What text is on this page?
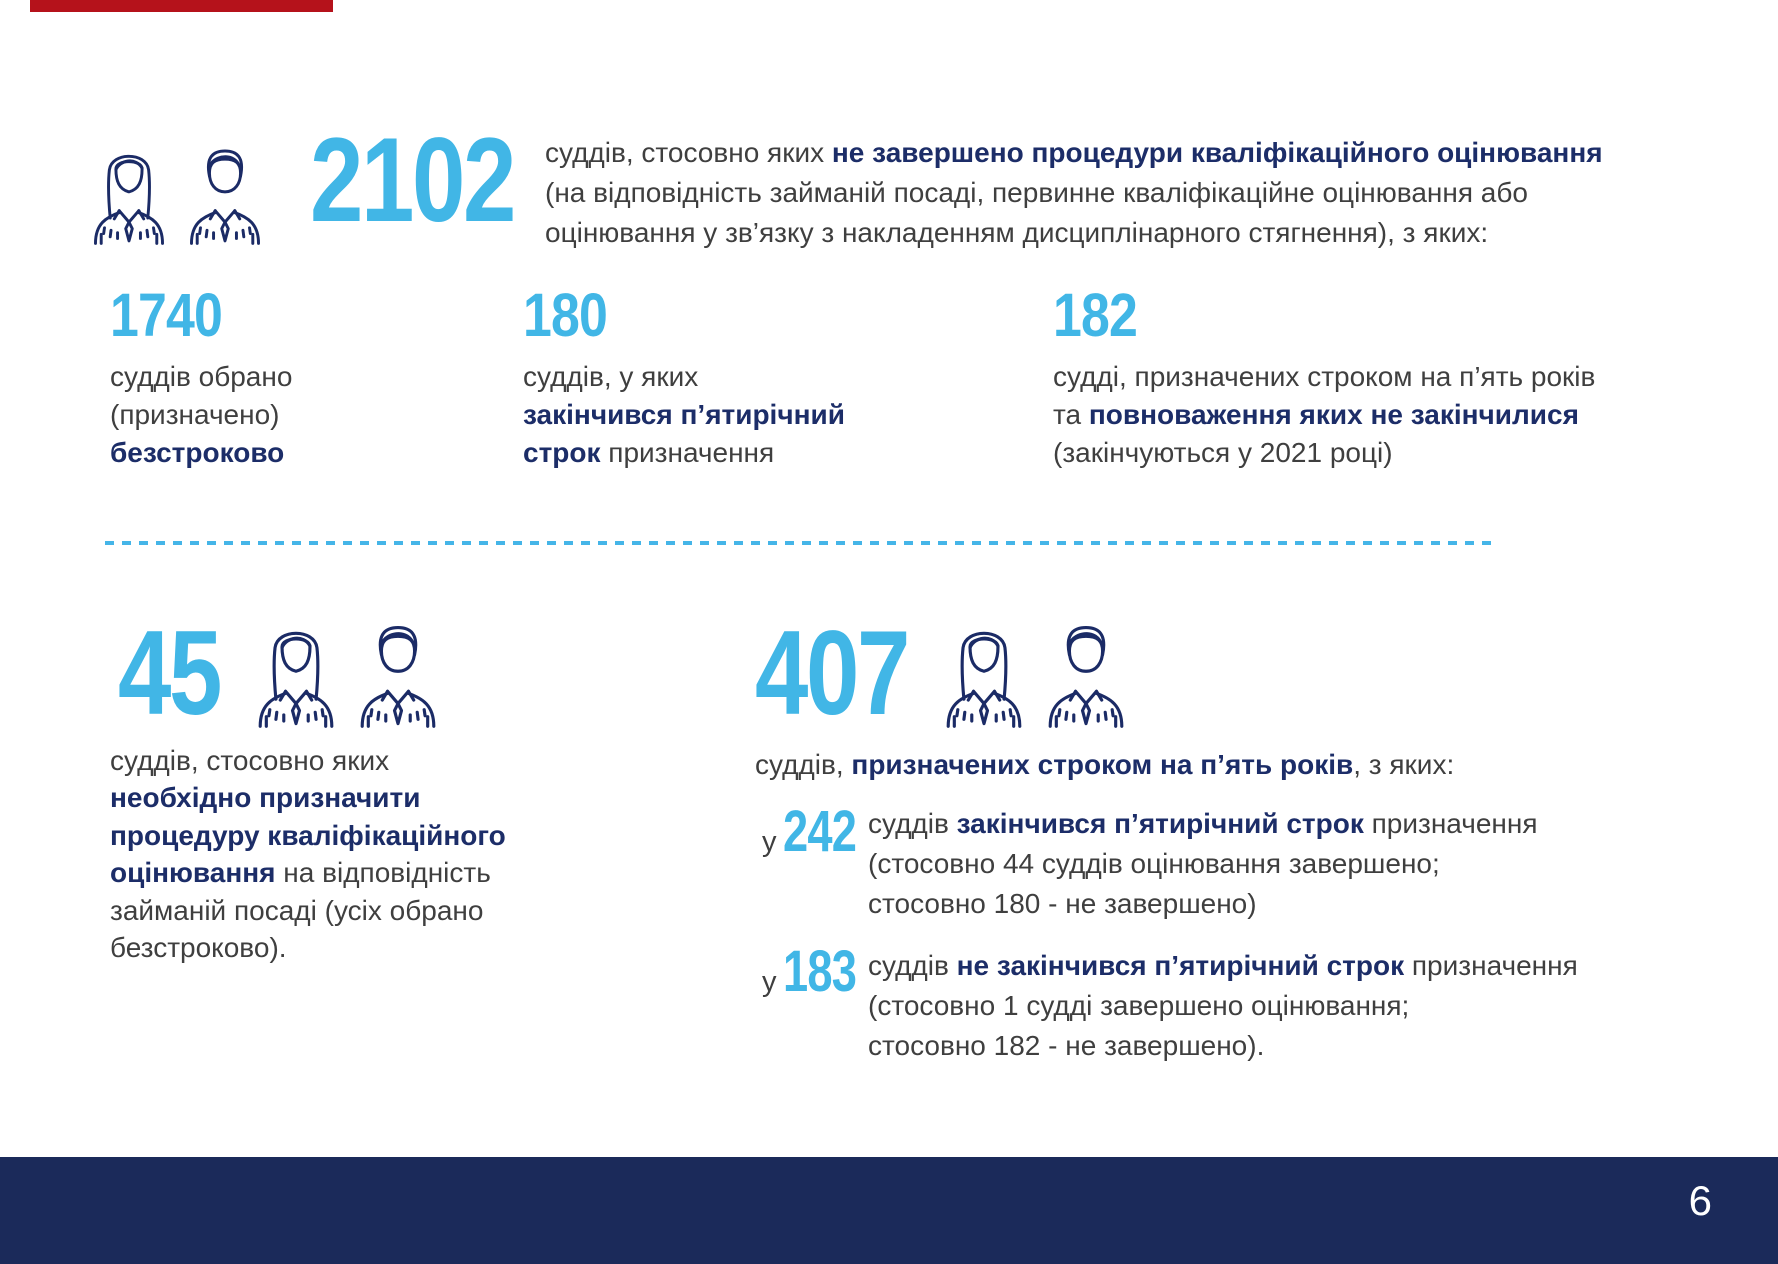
2102 суддів, стосовно яких не завершено процедури кваліфікаційного оцінювання
(на відповідність займаній посаді, первинне кваліфікаційне оцінювання або
оцінювання у зв’язку з накладенням дисциплінарного стягнення), з яких:
1740
суддів обрано
(призначено)
безстроково
180
суддів, у яких
закінчився п’ятирічний
строк призначення
182
судді, призначених строком на п’ять років
та повноваження яких не закінчилися
(закінчуються у 2021 році)
45
суддів, стосовно яких
необхідно призначити
процедуру кваліфікаційного
оцінювання на відповідність
займаній посаді (усіх обрано
безстроково).
407
суддів, призначених строком на п’ять років, з яких:
у 242 суддів закінчився п’ятирічний строк призначення
(стосовно 44 суддів оцінювання завершено;
стосовно 180 - не завершено)
у 183 суддів не закінчився п’ятирічний строк призначення
(стосовно 1 судді завершено оцінювання;
стосовно 182 - не завершено).
6
